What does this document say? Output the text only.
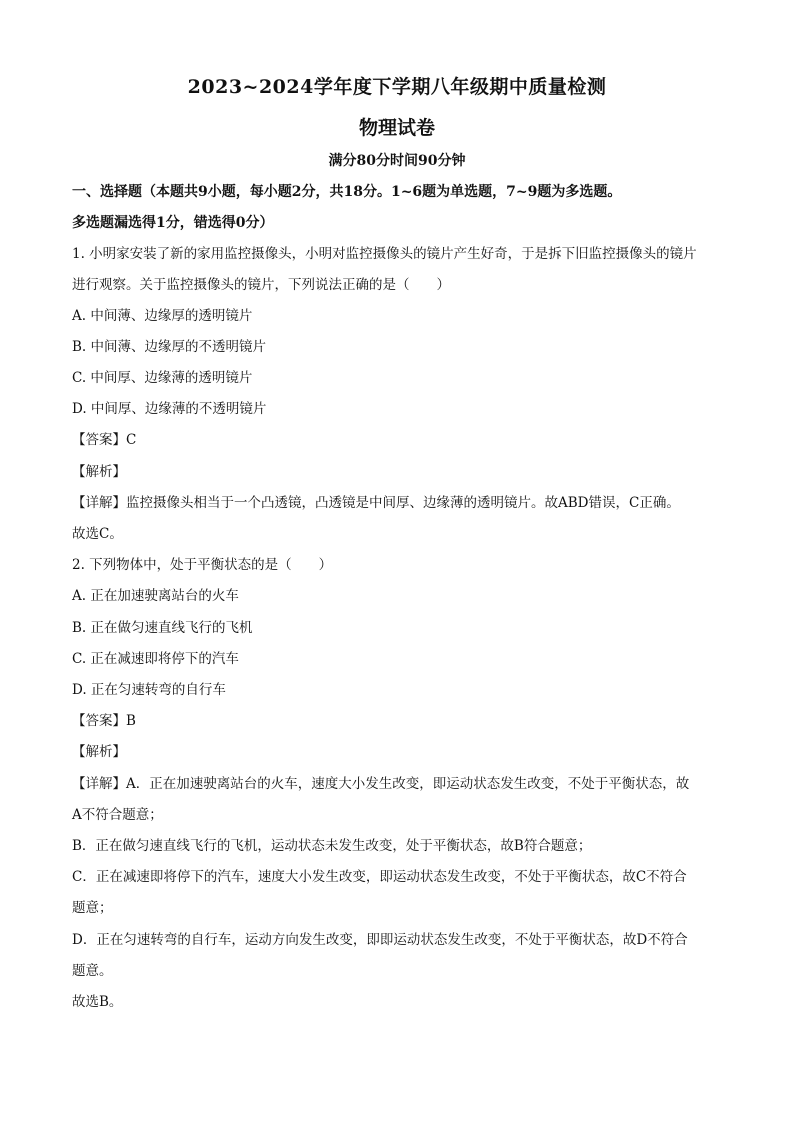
2023~2024学年度下学期八年级期中质量检测
物理试卷
满分80分时间90分钟
一、选择题（本题共9小题，每小题2分，共18分。1~6题为单选题，7~9题为多选题。
多选题漏选得1分，错选得0分）
1. 小明家安装了新的家用监控摄像头，小明对监控摄像头的镜片产生好奇，于是拆下旧监控摄像头的镜片
进行观察。关于监控摄像头的镜片，下列说法正确的是（　　）
A. 中间薄、边缘厚的透明镜片
B. 中间薄、边缘厚的不透明镜片
C. 中间厚、边缘薄的透明镜片
D. 中间厚、边缘薄的不透明镜片
【答案】C
【解析】
【详解】监控摄像头相当于一个凸透镜，凸透镜是中间厚、边缘薄的透明镜片。故ABD错误，C正确。
故选C。
2. 下列物体中，处于平衡状态的是（　　）
A. 正在加速驶离站台的火车
B. 正在做匀速直线飞行的飞机
C. 正在减速即将停下的汽车
D. 正在匀速转弯的自行车
【答案】B
【解析】
【详解】A．正在加速驶离站台的火车，速度大小发生改变，即运动状态发生改变，不处于平衡状态，故
A不符合题意；
B．正在做匀速直线飞行的飞机，运动状态未发生改变，处于平衡状态，故B符合题意；
C．正在减速即将停下的汽车，速度大小发生改变，即运动状态发生改变，不处于平衡状态，故C不符合
题意；
D．正在匀速转弯的自行车，运动方向发生改变，即即运动状态发生改变，不处于平衡状态，故D不符合
题意。
故选B。
